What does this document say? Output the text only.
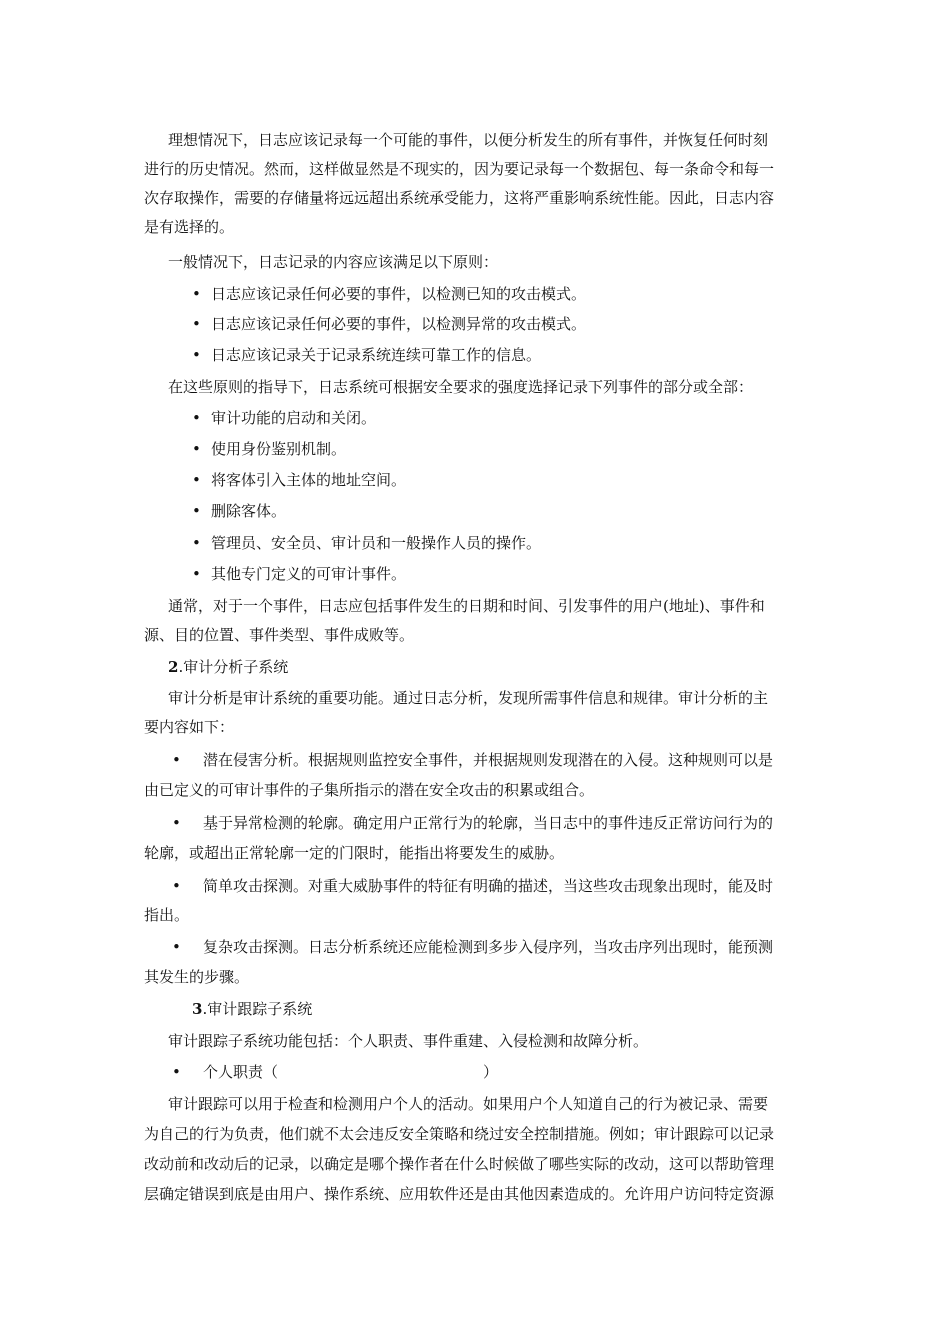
理想情况下，日志应该记录每一个可能的事件，以便分析发生的所有事件，并恢复任何时刻
进行的历史情况。然而，这样做显然是不现实的，因为要记录每一个数据包、每一条命令和每一
次存取操作，需要的存储量将远远超出系统承受能力，这将严重影响系统性能。因此，日志内容
是有选择的。
一般情况下，日志记录的内容应该满足以下原则：
• 日志应该记录任何必要的事件，以检测已知的攻击模式。
• 日志应该记录任何必要的事件，以检测异常的攻击模式。
• 日志应该记录关于记录系统连续可靠工作的信息。
在这些原则的指导下，日志系统可根据安全要求的强度选择记录下列事件的部分或全部：
• 审计功能的启动和关闭。
• 使用身份鉴别机制。
• 将客体引入主体的地址空间。
• 删除客体。
• 管理员、安全员、审计员和一般操作人员的操作。
• 其他专门定义的可审计事件。
通常，对于一个事件，日志应包括事件发生的日期和时间、引发事件的用户(地址)、事件和
源、目的位置、事件类型、事件成败等。
2.审计分析子系统
审计分析是审计系统的重要功能。通过日志分析，发现所需事件信息和规律。审计分析的主
要内容如下：
• 潜在侵害分析。根据规则监控安全事件，并根据规则发现潜在的入侵。这种规则可以是
由已定义的可审计事件的子集所指示的潜在安全攻击的积累或组合。
• 基于异常检测的轮廓。确定用户正常行为的轮廓，当日志中的事件违反正常访问行为的
轮廓，或超出正常轮廓一定的门限时，能指出将要发生的威胁。
• 简单攻击探测。对重大威胁事件的特征有明确的描述，当这些攻击现象出现时，能及时
指出。
• 复杂攻击探测。日志分析系统还应能检测到多步入侵序列，当攻击序列出现时，能预测
其发生的步骤。
3.审计跟踪子系统
审计跟踪子系统功能包括：个人职责、事件重建、入侵检测和故障分析。
• 个人职责（	）
审计跟踪可以用于检查和检测用户个人的活动。如果用户个人知道自己的行为被记录、需要
为自己的行为负责，他们就不太会违反安全策略和绕过安全控制措施。例如；审计跟踪可以记录
改动前和改动后的记录，以确定是哪个操作者在什么时候做了哪些实际的改动，这可以帮助管理
层确定错误到底是由用户、操作系统、应用软件还是由其他因素造成的。允许用户访问特定资源
